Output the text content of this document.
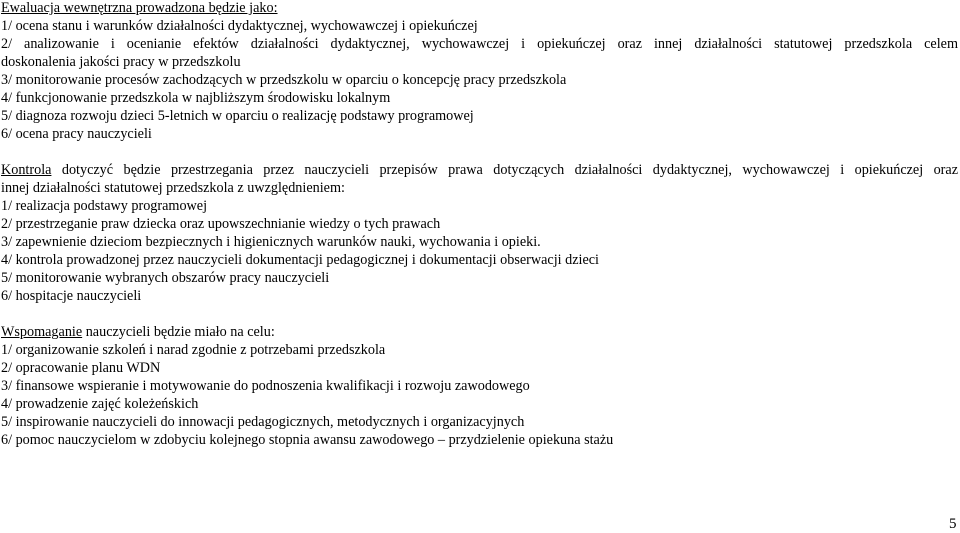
Ewaluacja wewnętrzna prowadzona będzie jako:

1/ ocena stanu i warunków działalności dydaktycznej, wychowawczej i opiekuńczej

2/ analizowanie i ocenianie efektów działalności dydaktycznej, wychowawczej i opiekuńczej oraz innej działalności statutowej przedszkola celem

doskonalenia jakości pracy w przedszkolu

3/ monitorowanie procesów zachodzących w przedszkolu w oparciu o koncepcję pracy przedszkola

4/ funkcjonowanie przedszkola w najbliższym środowisku lokalnym

5/ diagnoza rozwoju dzieci 5-letnich w oparciu o realizację podstawy programowej

6/ ocena pracy nauczycieli

Kontrola dotyczyć będzie przestrzegania przez nauczycieli przepisów prawa dotyczących działalności dydaktycznej, wychowawczej i opiekuńczej oraz

innej działalności statutowej przedszkola z uwzględnieniem:

1/ realizacja podstawy programowej

2/ przestrzeganie praw dziecka oraz upowszechnianie wiedzy o tych prawach

3/ zapewnienie dzieciom bezpiecznych i higienicznych warunków nauki, wychowania i opieki.

4/ kontrola prowadzonej przez nauczycieli dokumentacji pedagogicznej i dokumentacji obserwacji dzieci

5/ monitorowanie wybranych obszarów pracy nauczycieli

6/ hospitacje nauczycieli

Wspomaganie nauczycieli będzie miało na celu:

1/ organizowanie szkoleń i narad zgodnie z potrzebami przedszkola

2/ opracowanie planu WDN

3/ finansowe wspieranie i motywowanie do podnoszenia kwalifikacji i rozwoju zawodowego

4/ prowadzenie zajęć koleżeńskich

5/ inspirowanie nauczycieli do innowacji pedagogicznych, metodycznych i organizacyjnych

6/ pomoc nauczycielom w zdobyciu kolejnego stopnia awansu zawodowego – przydzielenie opiekuna stażu

5
